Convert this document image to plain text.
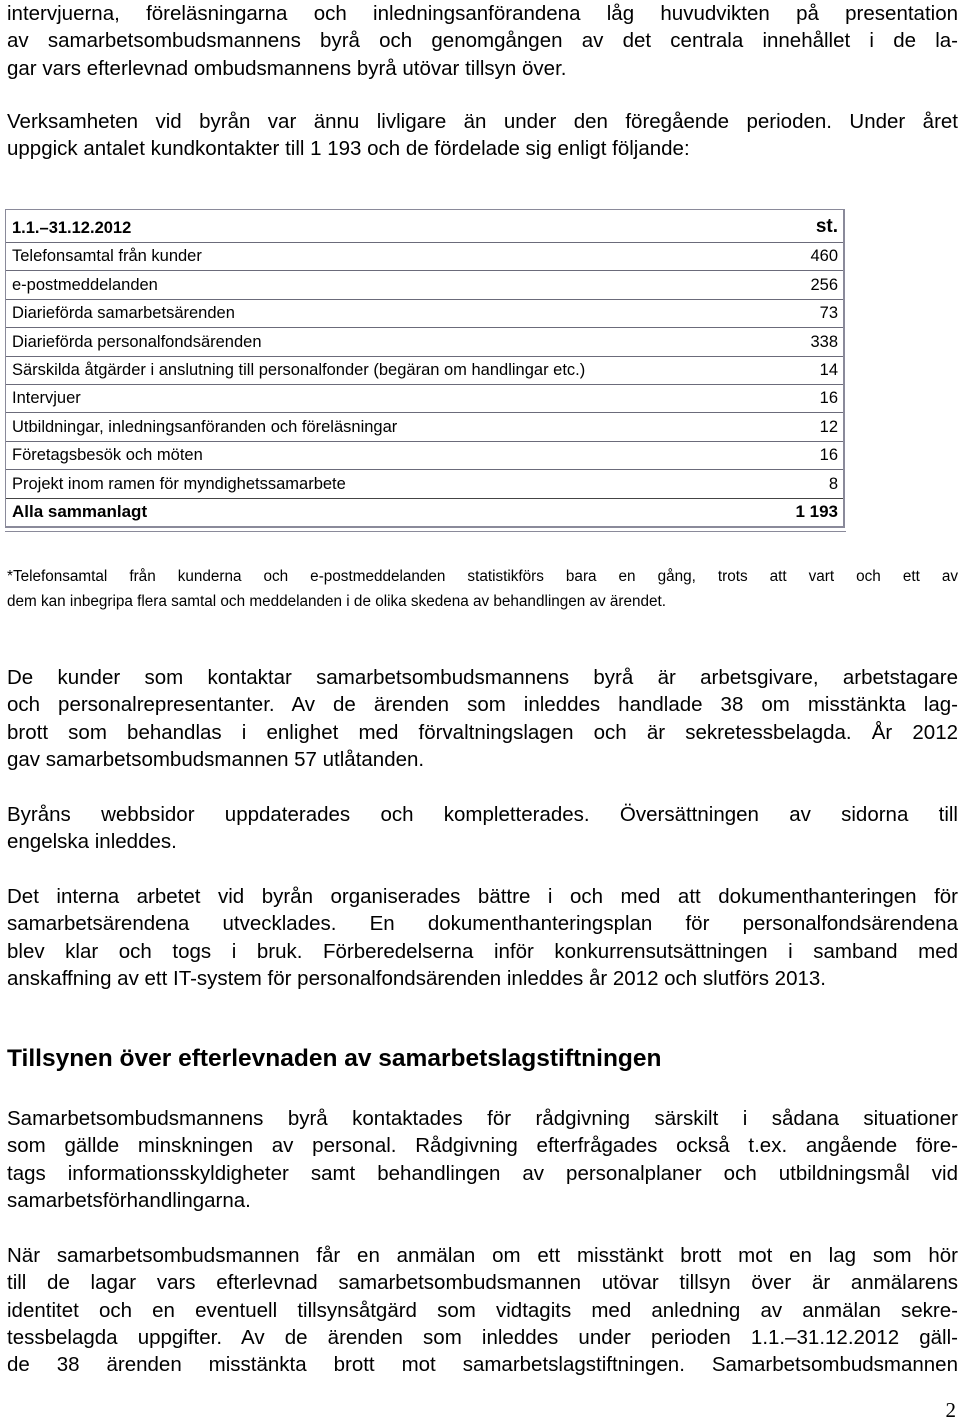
intervjuerna, föreläsningarna och inledningsanförandena låg huvudvikten på presentation
av samarbetsombudsmannens byrå och genomgången av det centrala innehållet i de la-
gar vars efterlevnad ombudsmannens byrå utövar tillsyn över.
Verksamheten vid byrån var ännu livligare än under den föregående perioden. Under året
uppgick antalet kundkontakter till 1 193 och de fördelade sig enligt följande:
1.1.–31.12.2012	st.
Telefonsamtal från kunder	460
e-postmeddelanden	256
Diarieförda samarbetsärenden	73
Diarieförda personalfondsärenden	338
Särskilda åtgärder i anslutning till personalfonder (begäran om handlingar etc.)	14
Intervjuer	16
Utbildningar, inledningsanföranden och föreläsningar	12
Företagsbesök och möten	16
Projekt inom ramen för myndighetssamarbete	8
Alla sammanlagt	1 193
*Telefonsamtal från kunderna och e-postmeddelanden statistikförs bara en gång, trots att vart och ett av
dem kan inbegripa flera samtal och meddelanden i de olika skedena av behandlingen av ärendet.
De kunder som kontaktar samarbetsombudsmannens byrå är arbetsgivare, arbetstagare
och personalrepresentanter. Av de ärenden som inleddes handlade 38 om misstänkta lag-
brott som behandlas i enlighet med förvaltningslagen och är sekretessbelagda. År 2012
gav samarbetsombudsmannen 57 utlåtanden.
Byråns webbsidor uppdaterades och kompletterades. Översättningen av sidorna till
engelska inleddes.
Det interna arbetet vid byrån organiserades bättre i och med att dokumenthanteringen för
samarbetsärendena utvecklades. En dokumenthanteringsplan för personalfondsärendena
blev klar och togs i bruk. Förberedelserna inför konkurrensutsättningen i samband med
anskaffning av ett IT-system för personalfondsärenden inleddes år 2012 och slutförs 2013.
Tillsynen över efterlevnaden av samarbetslagstiftningen
Samarbetsombudsmannens byrå kontaktades för rådgivning särskilt i sådana situationer
som gällde minskningen av personal. Rådgivning efterfrågades också t.ex. angående före-
tags informationsskyldigheter samt behandlingen av personalplaner och utbildningsmål vid
samarbetsförhandlingarna.
När samarbetsombudsmannen får en anmälan om ett misstänkt brott mot en lag som hör
till de lagar vars efterlevnad samarbetsombudsmannen utövar tillsyn över är anmälarens
identitet och en eventuell tillsynsåtgärd som vidtagits med anledning av anmälan sekre-
tessbelagda uppgifter. Av de ärenden som inleddes under perioden 1.1.–31.12.2012 gäll-
de 38 ärenden misstänkta brott mot samarbetslagstiftningen. Samarbetsombudsmannen
2
